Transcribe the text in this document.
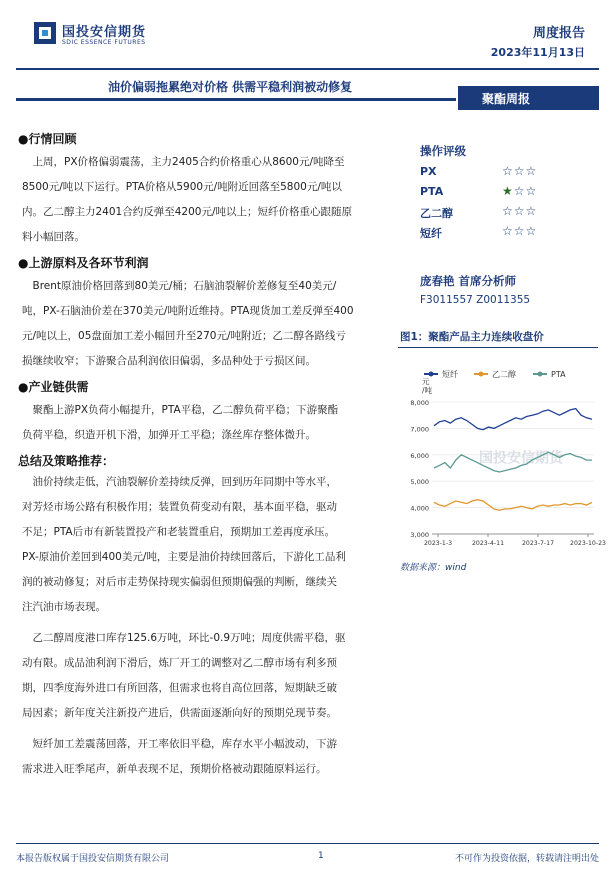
国投安信期货
SDIC ESSENCE FUTURES
周度报告
2023年11月13日
油价偏弱拖累绝对价格 供需平稳利润被动修复
聚酯周报
●行情回顾
　上周，PX价格偏弱震荡，主力2405合约价格重心从8600元/吨降至
8500元/吨以下运行。PTA价格从5900元/吨附近回落至5800元/吨以
内。乙二醇主力2401合约反弹至4200元/吨以上；短纤价格重心跟随原
料小幅回落。
●上游原料及各环节利润
　Brent原油价格回落到80美元/桶；石脑油裂解价差修复至40美元/
吨，PX-石脑油价差在370美元/吨附近维持。PTA现货加工差反弹至400
元/吨以上，05盘面加工差小幅回升至270元/吨附近；乙二醇各路线亏
损继续收窄；下游聚合品利润依旧偏弱，多品种处于亏损区间。
●产业链供需
　聚酯上游PX负荷小幅提升，PTA平稳，乙二醇负荷平稳；下游聚酯
负荷平稳，织造开机下滑，加弹开工平稳；涤丝库存整体微升。
总结及策略推荐：
　油价持续走低，汽油裂解价差持续反弹，回到历年同期中等水平，
对芳烃市场公路有积极作用；装置负荷变动有限，基本面平稳，驱动
不足；PTA后市有新装置投产和老装置重启，预期加工差再度承压。
PX-原油价差回到400美元/吨，主要是油价持续回落后，下游化工品利
润的被动修复；对后市走势保持现实偏弱但预期偏强的判断，继续关
注汽油市场表现。
　乙二醇周度港口库存125.6万吨，环比-0.9万吨；周度供需平稳，驱
动有限。成品油利润下滑后，炼厂开工的调整对乙二醇市场有利多预
期，四季度海外进口有所回落，但需求也将自高位回落，短期缺乏破
局因素；新年度关注新投产进后，供需面逐渐向好的预期兑现节奏。
　短纤加工差震荡回落，开工率依旧平稳，库存水平小幅波动，下游
需求进入旺季尾声，新单表现不足，预期价格被动跟随原料运行。
操作评级
PX	☆☆☆
PTA	★☆☆
乙二醇	☆☆☆
短纤	☆☆☆
庞春艳 首席分析师
F3011557 Z0011355
图1：聚酯产品主力连续收盘价
短纤	乙二醇	PTA
元
/吨
3,000
4,000
5,000
6,000
7,000
8,000
2023-1-3	2023-4-11	2023-7-17	2023-10-23
国投安信期货
数据来源：wind
本报告版权属于国投安信期货有限公司	1	不可作为投资依据，转载请注明出处
